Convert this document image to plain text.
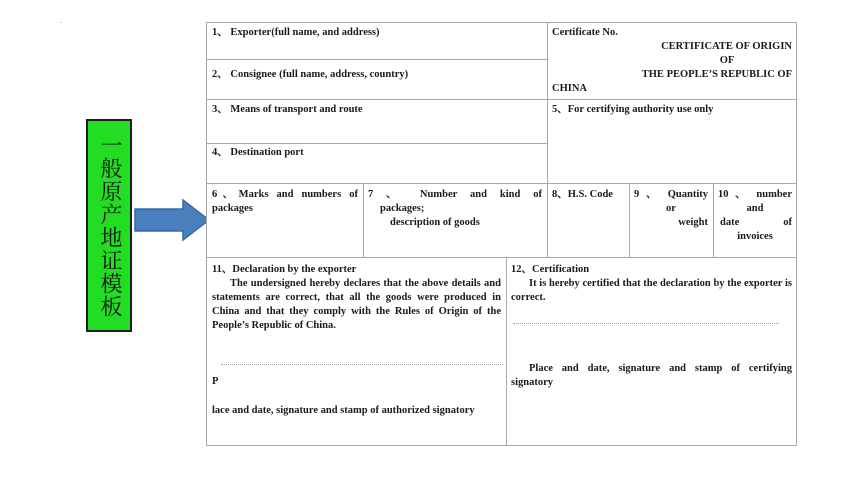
一般原产地证模板

1、 Exporter(full name, and address)

2、 Consignee (full name, address, country)

Certificate No.

CERTIFICATE OF ORIGIN

OF

THE PEOPLE’S REPUBLIC OF

CHINA

3、 Means of transport and route	5、For certifying authority use only

4、 Destination port

6、Marks and numbers of packages

7 、 Number and kind of

packages;

description of goods

8、H.S. Code	9 、 Quantity

or

weight

10 、 number

and

date of

invoices

11、Declaration by the exporter

The undersigned hereby declares that the above details and statements are correct, that all the goods were produced in China and that they comply with the Rules of Origin of the People’s Republic of China.

P

lace and date, signature and stamp of authorized signatory

12、Certification

It is hereby certified that the declaration by the exporter is correct.

Place and date, signature and stamp of certifying signatory
